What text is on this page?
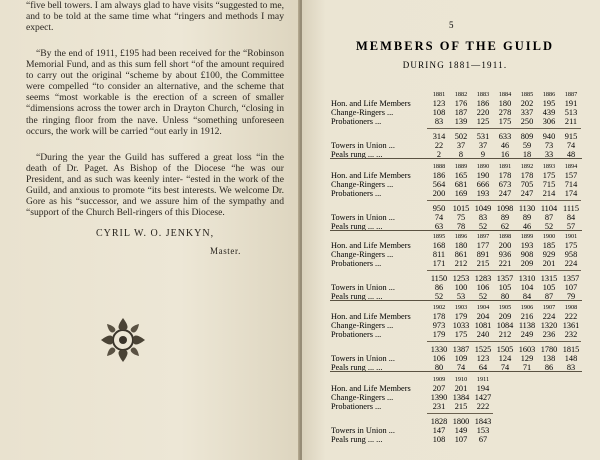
“five bell towers. I am always glad to have visits “suggested to me, and to be told at the same time what “ringers and methods I may expect.

“By the end of 1911, £195 had been received for the “Robinson Memorial Fund, and as this sum fell short “of the amount required to carry out the original “scheme by about £100, the Committee were compelled “to consider an alternative, and the scheme that seems “most workable is the erection of a screen of smaller “dimensions across the tower arch in Drayton Church, “closing in the ringing floor from the nave. Unless “something unforeseen occurs, the work will be carried “out early in 1912.

“During the year the Guild has suffered a great loss “in the death of Dr. Paget. As Bishop of the Diocese “he was our President, and as such was keenly inter- “ested in the work of the Guild, and anxious to promote “its best interests. We welcome Dr. Gore as his “successor, and we assure him of the sympathy and “support of the Church Bell-ringers of this Diocese.

CYRIL W. O. JENKYN,
Master.
5
MEMBERS OF THE GUILD
DURING 1881—1911.
1881	1882	1883	1884	1885	1886	1887
Hon. and Life Members	123	176	186	180	202	195	191
Change-Ringers ...	108	187	220	278	337	439	513
Probationers ...	83	139	125	175	250	306	211
314	502	531	633	809	940	915
Towers in Union ...	22	37	37	46	59	73	74
Peals rung ... ...	2	8	9	16	18	33	48
1888	1889	1890	1891	1892	1893	1894
Hon. and Life Members	186	165	190	178	178	175	157
Change-Ringers ...	564	681	666	673	705	715	714
Probationers ...	200	169	193	247	247	214	174
950 1015 1049 1098 1130 1104 1115
Towers in Union ...	74	75	83	89	89	87	84
Peals rung ... ...	63	78	52	62	46	52	57
1895	1896	1897	1898	1899	1900	1901
Hon. and Life Members	168	180	177	200	193	185	175
Change-Ringers ...	811	861	891	936	908	929	958
Probationers ...	171	212	215	221	209	201	224
1150 1253 1283 1357 1310 1315 1357
Towers in Union ...	86	100	106	105	104	105	107
Peals rung ... ...	52	53	52	80	84	87	79
1902	1903	1904	1905	1906	1907	1908
Hon. and Life Members	178	179	204	209	216	224	222
Change-Ringers ...	973 1033 1081 1084 1138 1320 1361
Probationers ...	179	175	240	212	249	236	232
1330 1387 1525 1505 1603 1780 1815
Towers in Union ...	106	109	123	124	129	138	148
Peals rung ... ...	80	74	64	74	71	86	83
1909	1910	1911
Hon. and Life Members	207	201	194
Change-Ringers ...	1390 1384 1427
Probationers ...	231	215	222
1828 1800 1843
Towers in Union ...	147	149	153
Peals rung ... ...	108	107	67
